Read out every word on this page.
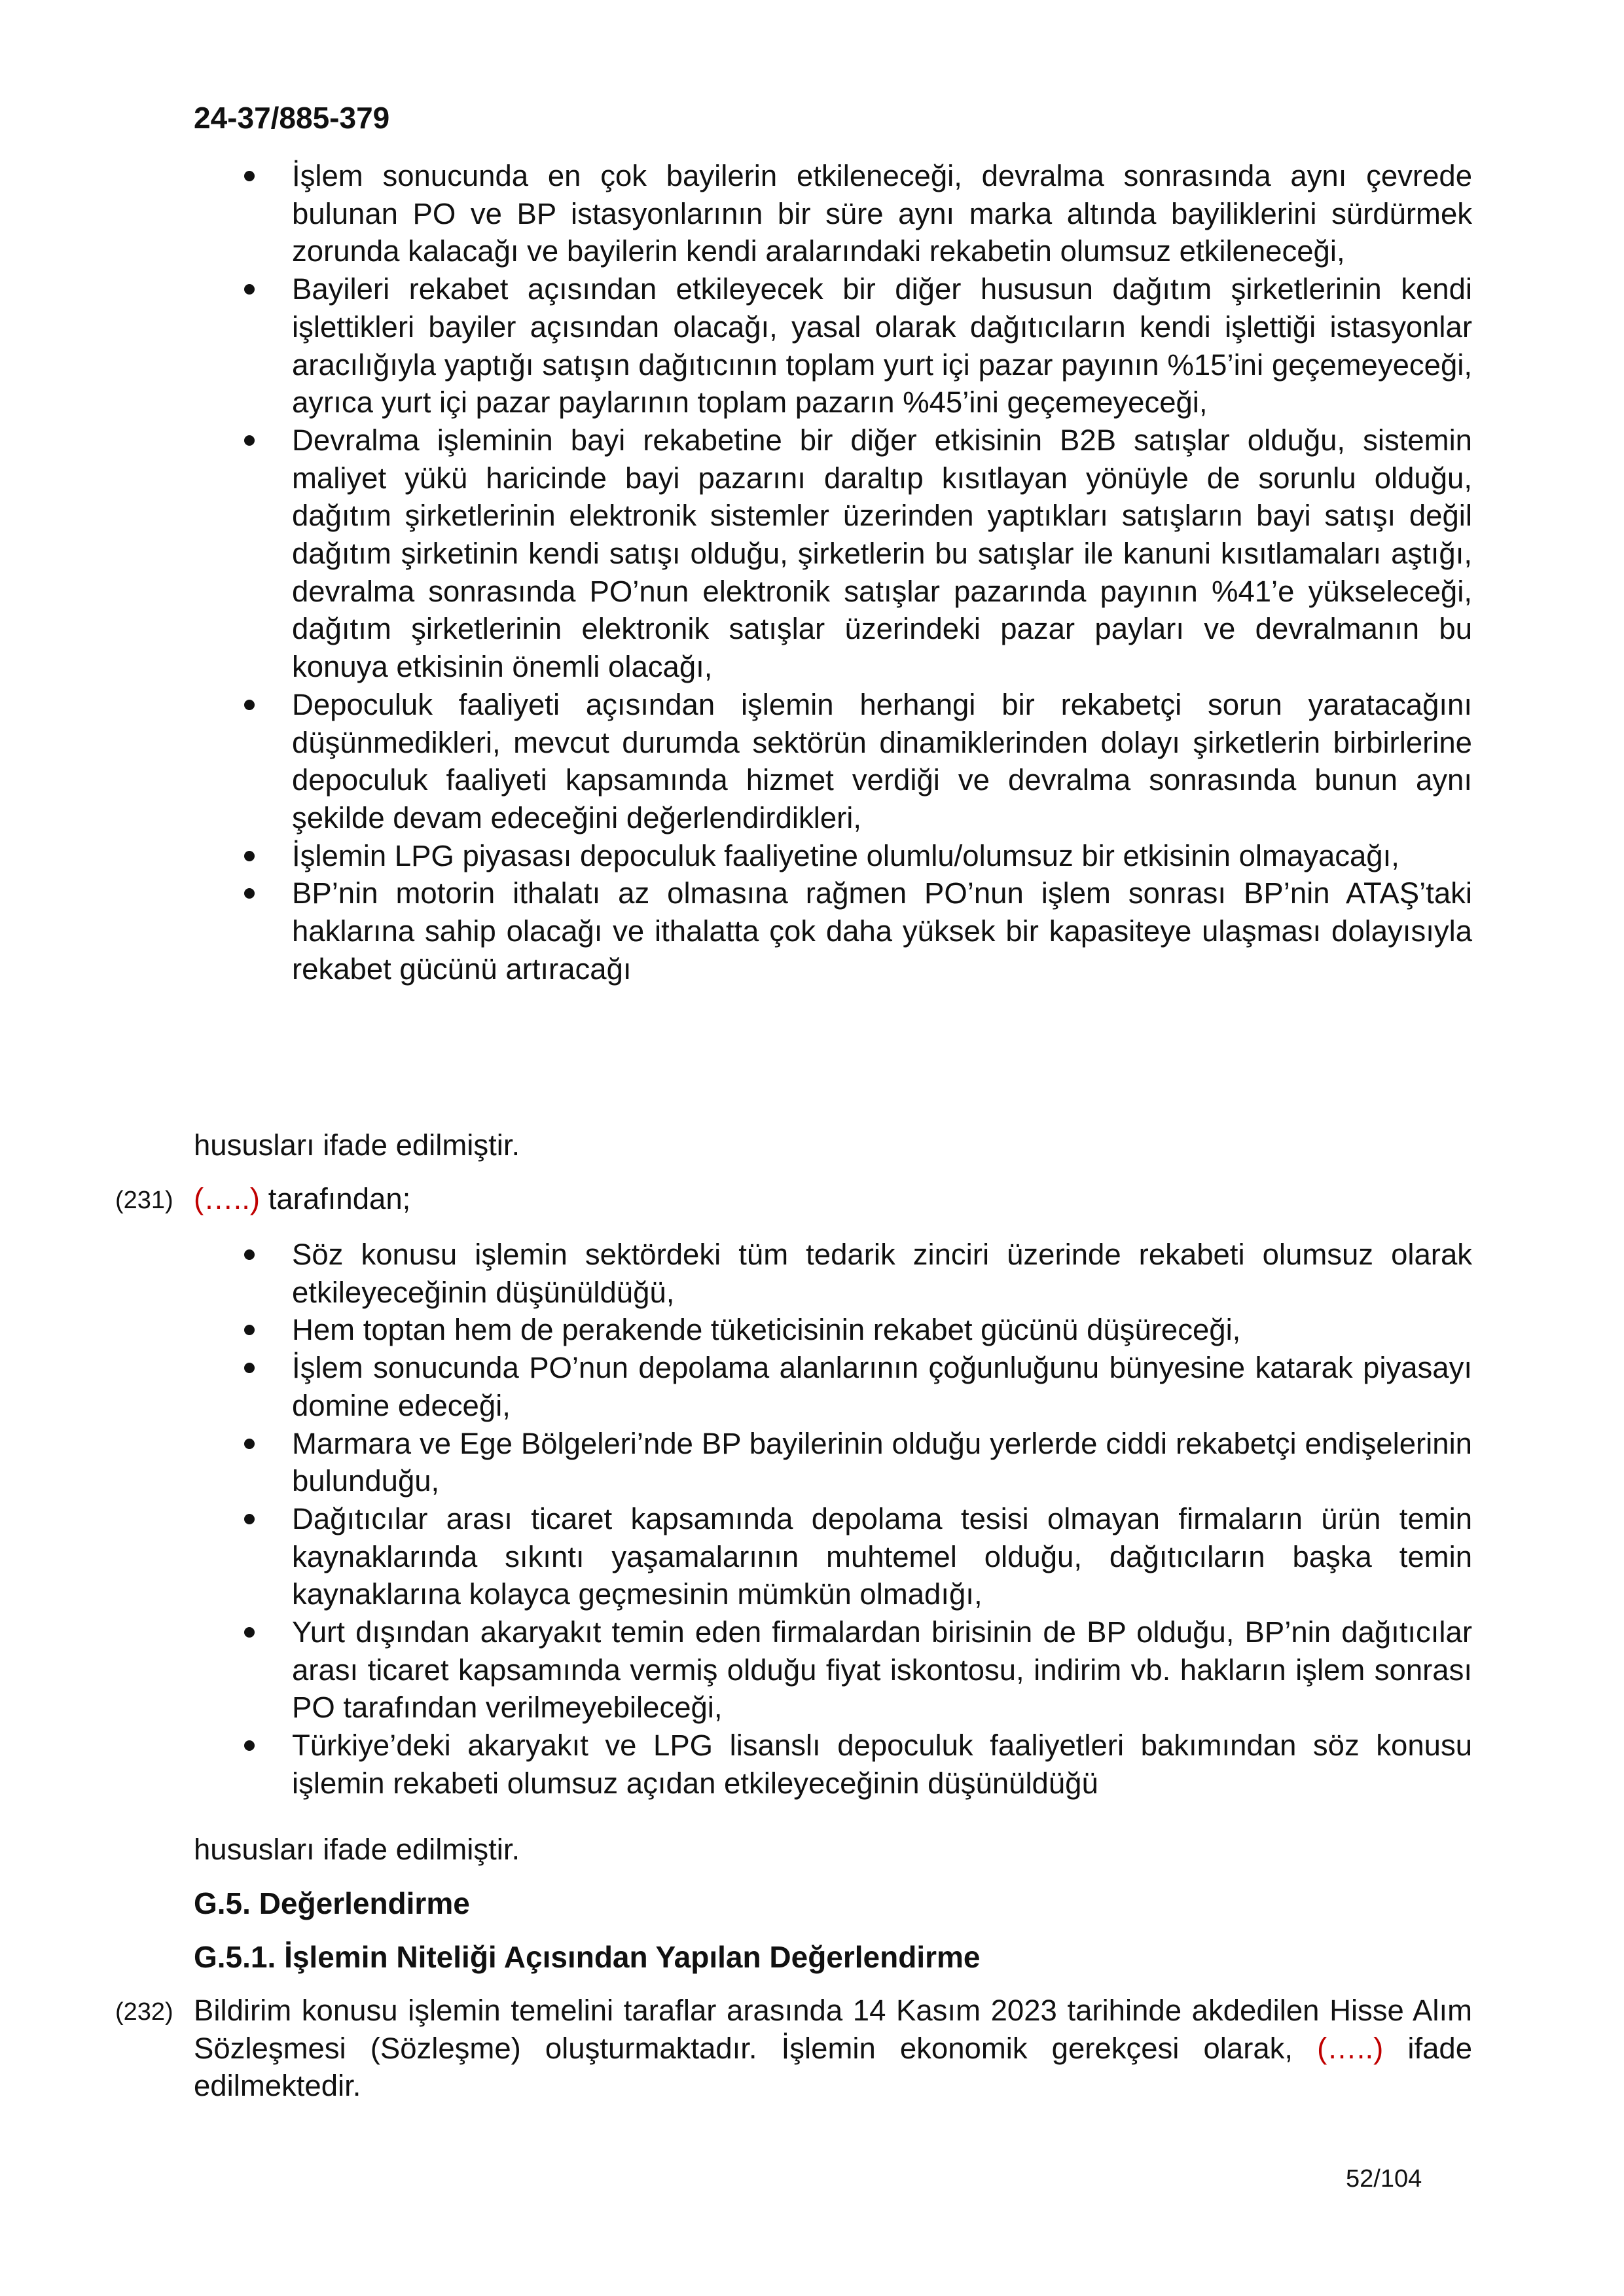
24-37/885-379
İşlem sonucunda en çok bayilerin etkileneceği, devralma sonrasında aynı çevrede bulunan PO ve BP istasyonlarının bir süre aynı marka altında bayiliklerini sürdürmek zorunda kalacağı ve bayilerin kendi aralarındaki rekabetin olumsuz etkileneceği,
Bayileri rekabet açısından etkileyecek bir diğer hususun dağıtım şirketlerinin kendi işlettikleri bayiler açısından olacağı, yasal olarak dağıtıcıların kendi işlettiği istasyonlar aracılığıyla yaptığı satışın dağıtıcının toplam yurt içi pazar payının %15’ini geçemeyeceği, ayrıca yurt içi pazar paylarının toplam pazarın %45’ini geçemeyeceği,
Devralma işleminin bayi rekabetine bir diğer etkisinin B2B satışlar olduğu, sistemin maliyet yükü haricinde bayi pazarını daraltıp kısıtlayan yönüyle de sorunlu olduğu, dağıtım şirketlerinin elektronik sistemler üzerinden yaptıkları satışların bayi satışı değil dağıtım şirketinin kendi satışı olduğu, şirketlerin bu satışlar ile kanuni kısıtlamaları aştığı, devralma sonrasında PO’nun elektronik satışlar pazarında payının %41’e yükseleceği, dağıtım şirketlerinin elektronik satışlar üzerindeki pazar payları ve devralmanın bu konuya etkisinin önemli olacağı,
Depoculuk faaliyeti açısından işlemin herhangi bir rekabetçi sorun yaratacağını düşünmedikleri, mevcut durumda sektörün dinamiklerinden dolayı şirketlerin birbirlerine depoculuk faaliyeti kapsamında hizmet verdiği ve devralma sonrasında bunun aynı şekilde devam edeceğini değerlendirdikleri,
İşlemin LPG piyasası depoculuk faaliyetine olumlu/olumsuz bir etkisinin olmayacağı,
BP’nin motorin ithalatı az olmasına rağmen PO’nun işlem sonrası BP’nin ATAŞ’taki haklarına sahip olacağı ve ithalatta çok daha yüksek bir kapasiteye ulaşması dolayısıyla rekabet gücünü artıracağı
hususları ifade edilmiştir.
(231) (…..) tarafından;
Söz konusu işlemin sektördeki tüm tedarik zinciri üzerinde rekabeti olumsuz olarak etkileyeceğinin düşünüldüğü,
Hem toptan hem de perakende tüketicisinin rekabet gücünü düşüreceği,
İşlem sonucunda PO’nun depolama alanlarının çoğunluğunu bünyesine katarak piyasayı domine edeceği,
Marmara ve Ege Bölgeleri’nde BP bayilerinin olduğu yerlerde ciddi rekabetçi endişelerinin bulunduğu,
Dağıtıcılar arası ticaret kapsamında depolama tesisi olmayan firmaların ürün temin kaynaklarında sıkıntı yaşamalarının muhtemel olduğu, dağıtıcıların başka temin kaynaklarına kolayca geçmesinin mümkün olmadığı,
Yurt dışından akaryakıt temin eden firmalardan birisinin de BP olduğu, BP’nin dağıtıcılar arası ticaret kapsamında vermiş olduğu fiyat iskontosu, indirim vb. hakların işlem sonrası PO tarafından verilmeyebileceği,
Türkiye’deki akaryakıt ve LPG lisanslı depoculuk faaliyetleri bakımından söz konusu işlemin rekabeti olumsuz açıdan etkileyeceğinin düşünüldüğü
hususları ifade edilmiştir.
G.5. Değerlendirme
G.5.1. İşlemin Niteliği Açısından Yapılan Değerlendirme
(232) Bildirim konusu işlemin temelini taraflar arasında 14 Kasım 2023 tarihinde akdedilen Hisse Alım Sözleşmesi (Sözleşme) oluşturmaktadır. İşlemin ekonomik gerekçesi olarak, (…..) ifade edilmektedir.
52/104
